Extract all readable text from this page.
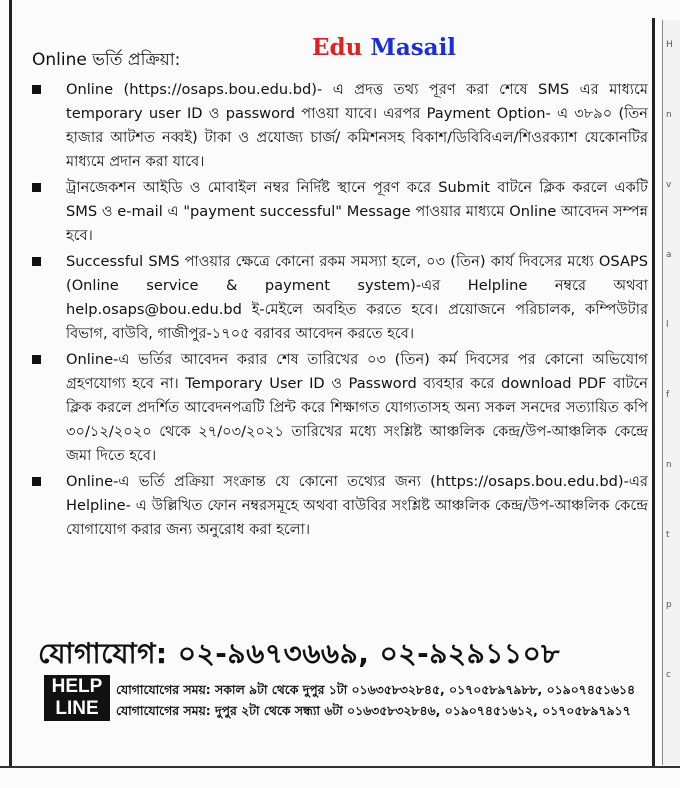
H
n
v
a
l
f
n
t
p
c
Online ভর্তি প্রক্রিয়া:	Edu Masail
Online (https://osaps.bou.edu.bd)- এ প্রদত্ত তথ্য পূরণ করা শেষে SMS এর মাধ্যমে temporary user ID ও password পাওয়া যাবে। এরপর Payment Option- এ ৩৮৯০ (তিন হাজার আটশত নব্বই) টাকা ও প্রযোজ্য চার্জ/ কমিশনসহ বিকাশ/ডিবিবিএল/শিওরক্যাশ যেকোনটির মাধ্যমে প্রদান করা যাবে।
ট্রানজেকশন আইডি ও মোবাইল নম্বর নির্দিষ্ট স্থানে পূরণ করে Submit বাটনে ক্লিক করলে একটি SMS ও e-mail এ "payment successful" Message পাওয়ার মাধ্যমে Online আবেদন সম্পন্ন হবে।
Successful SMS পাওয়ার ক্ষেত্রে কোনো রকম সমস্যা হলে, ০৩ (তিন) কার্য দিবসের মধ্যে OSAPS (Online service & payment system)-এর Helpline নম্বরে অথবা help.osaps@bou.edu.bd ই-মেইলে অবহিত করতে হবে। প্রয়োজনে পরিচালক, কম্পিউটার বিভাগ, বাউবি, গাজীপুর-১৭০৫ বরাবর আবেদন করতে হবে।
Online-এ ভর্তির আবেদন করার শেষ তারিখের ০৩ (তিন) কর্ম দিবসের পর কোনো অভিযোগ গ্রহণযোগ্য হবে না। Temporary User ID ও Password ব্যবহার করে download PDF বাটনে ক্লিক করলে প্রদর্শিত আবেদনপত্রটি প্রিন্ট করে শিক্ষাগত যোগ্যতাসহ অন্য সকল সনদের সত্যায়িত কপি ৩০/১২/২০২০ থেকে ২৭/০৩/২০২১ তারিখের মধ্যে সংশ্লিষ্ট আঞ্চলিক কেন্দ্র/উপ-আঞ্চলিক কেন্দ্রে জমা দিতে হবে।
Online-এ ভর্তি প্রক্রিয়া সংক্রান্ত যে কোনো তথ্যের জন্য (https://osaps.bou.edu.bd)-এর Helpline- এ উল্লিখিত ফোন নম্বরসমূহে অথবা বাউবির সংশ্লিষ্ট আঞ্চলিক কেন্দ্র/উপ-আঞ্চলিক কেন্দ্রে যোগাযোগ করার জন্য অনুরোধ করা হলো।
যোগাযোগ: ০২-৯৬৭৩৬৬৯, ০২-৯২৯১১০৮
HELP
LINE
যোগাযোগের সময়: সকাল ৯টা থেকে দুপুর ১টা ০১৬৩৫৮৩২৮৪৫, ০১৭০৫৮৯৭৯৮৮, ০১৯০৭৪৫১৬১৪
যোগাযোগের সময়: দুপুর ২টা থেকে সন্ধ্যা ৬টা ০১৬৩৫৮৩২৮৪৬, ০১৯০৭৪৫১৬১২, ০১৭০৫৮৯৭৯১৭
